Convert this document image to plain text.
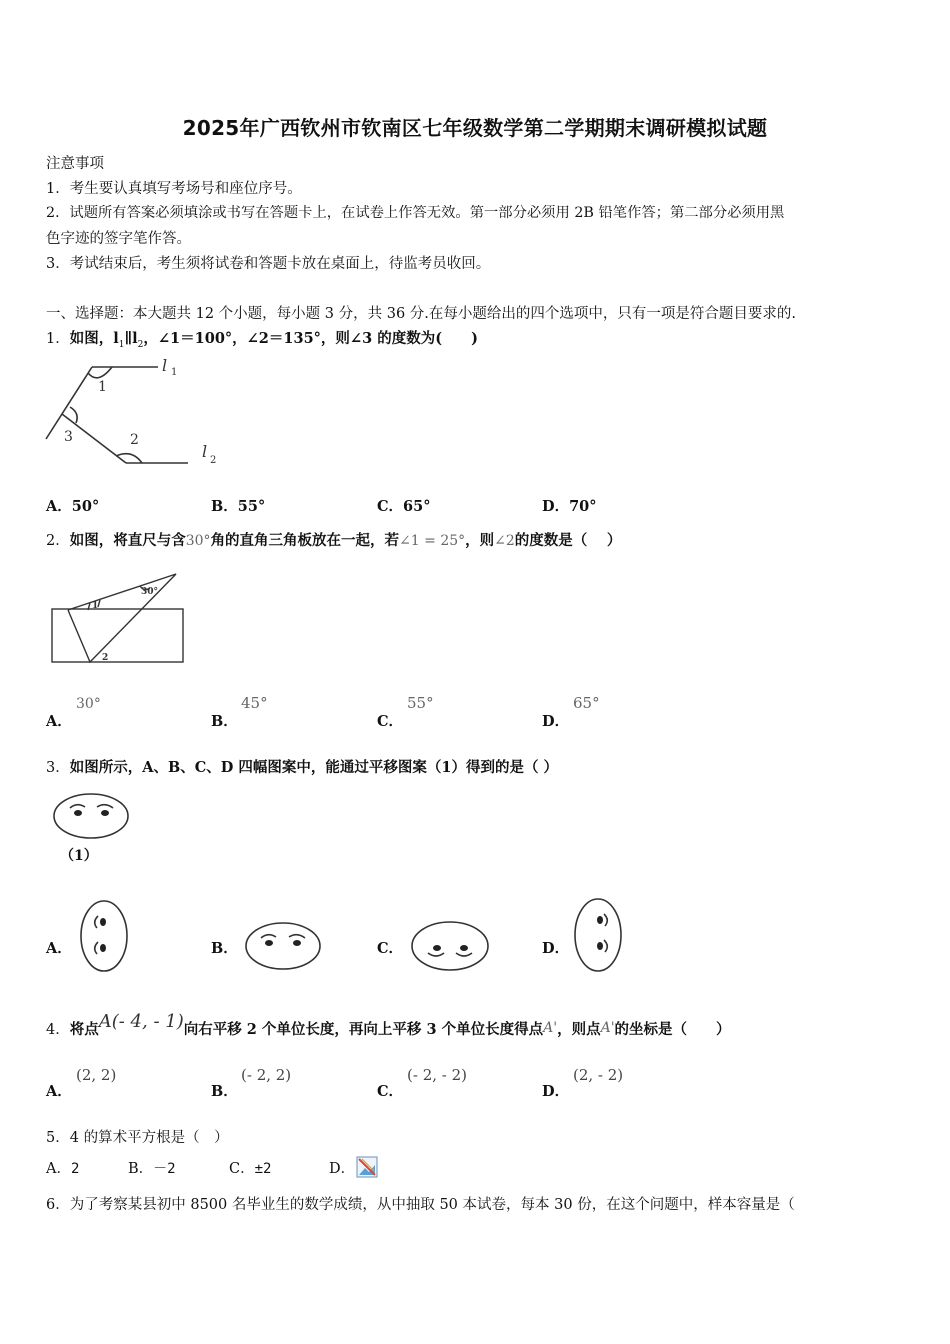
2025年广西钦州市钦南区七年级数学第二学期期末调研模拟试题
注意事项
1．考生要认真填写考场号和座位序号。
2．试题所有答案必须填涂或书写在答题卡上，在试卷上作答无效。第一部分必须用 2B 铅笔作答；第二部分必须用黑
色字迹的签字笔作答。
3．考试结束后，考生须将试卷和答题卡放在桌面上，待监考员收回。
一、选择题：本大题共 12 个小题，每小题 3 分，共 36 分.在每小题给出的四个选项中，只有一项是符合题目要求的.
1．如图，$l_1\parallel l_2$，∠1＝100°，∠2＝135°，则∠3 的度数为(　　)
l 1
l 2
1
2
3
A．50°	B．55°	C．65°	D．70°
2．如图，将直尺与含30°角的直角三角板放在一起，若∠1 = 25°，则∠2的度数是（　 ）
30°
1
2
A．
30°
B．
45°
C．
55°
D．
65°
3．如图所示，A、B、C、D 四幅图案中，能通过平移图案（1）得到的是（ ）
（1）
A．	B．	C．	D．
4．将点A(- 4, - 1)向右平移 2 个单位长度，再向上平移 3 个单位长度得点A'，则点A'的坐标是（　　）
A．
(2, 2)
B．
(- 2, 2)
C．
(- 2, - 2)
D．
(2, - 2)
5．4 的算术平方根是（　）
A．2	B．－2	C．±2	D．
6．为了考察某县初中 8500 名毕业生的数学成绩，从中抽取 50 本试卷，每本 30 份，在这个问题中，样本容量是（
